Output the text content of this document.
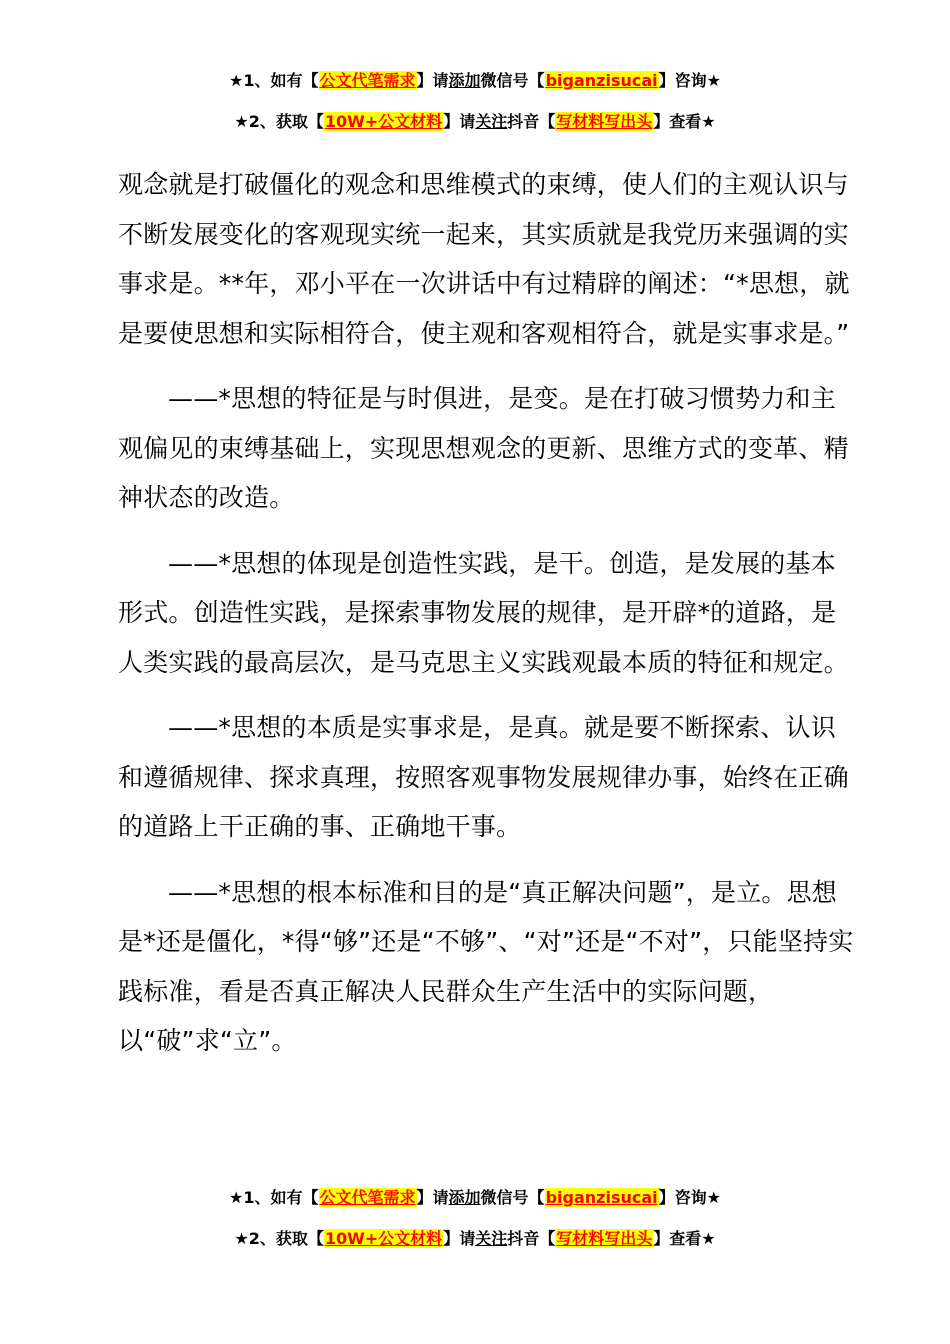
★1、如有【公文代笔需求】请添加微信号【biganzisucai】咨询★
★2、获取【10W+公文材料】请关注抖音【写材料写出头】查看★

观念就是打破僵化的观念和思维模式的束缚，使人们的主观认识与不断发展变化的客观现实统一起来，其实质就是我党历来强调的实事求是。**年，邓小平在一次讲话中有过精辟的阐述：“*思想，就是要使思想和实际相符合，使主观和客观相符合，就是实事求是。”

——*思想的特征是与时俱进，是变。是在打破习惯势力和主观偏见的束缚基础上，实现思想观念的更新、思维方式的变革、精神状态的改造。

——*思想的体现是创造性实践，是干。创造，是发展的基本形式。创造性实践，是探索事物发展的规律，是开辟*的道路，是人类实践的最高层次，是马克思主义实践观最本质的特征和规定。

——*思想的本质是实事求是，是真。就是要不断探索、认识和遵循规律、探求真理，按照客观事物发展规律办事，始终在正确的道路上干正确的事、正确地干事。

——*思想的根本标准和目的是“真正解决问题”，是立。思想是*还是僵化，*得“够”还是“不够”、“对”还是“不对”，只能坚持实践标准，看是否真正解决人民群众生产生活中的实际问题，以“破”求“立”。

★1、如有【公文代笔需求】请添加微信号【biganzisucai】咨询★
★2、获取【10W+公文材料】请关注抖音【写材料写出头】查看★
